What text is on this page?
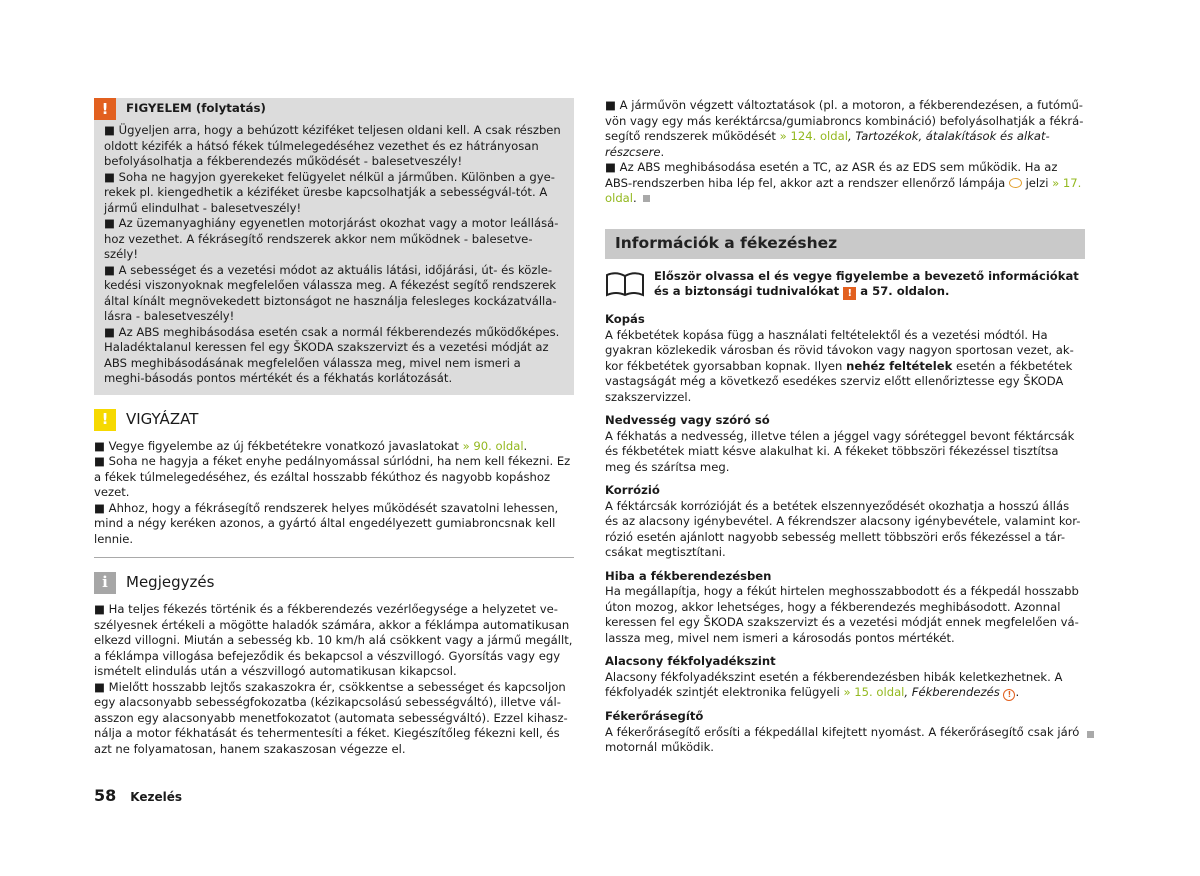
!	FIGYELEM (folytatás)

■ Ügyeljen arra, hogy a behúzott kéziféket teljesen oldani kell. A csak részben oldott kézifék a hátsó fékek túlmelegedéséhez vezethet és ez hátrányosan befolyásolhatja a fékberendezés működését - balesetveszély!

■ Soha ne hagyjon gyerekeket felügyelet nélkül a járműben. Különben a gye-rekek pl. kiengedhetik a kéziféket üresbe kapcsolhatják a sebességvál-tót. A jármű elindulhat - balesetveszély!

■ Az üzemanyaghiány egyenetlen motorjárást okozhat vagy a motor leállásá-hoz vezethet. A fékrásegítő rendszerek akkor nem működnek - balesetve-szély!

■ A sebességet és a vezetési módot az aktuális látási, időjárási, út- és közle-kedési viszonyoknak megfelelően válassza meg. A fékezést segítő rendszerek által kínált megnövekedett biztonságot ne használja felesleges kockázatválla-lásra - balesetveszély!

■ Az ABS meghibásodása esetén csak a normál fékberendezés működőképes. Haladéktalanul keressen fel egy ŠKODA szakszervizt és a vezetési módját az ABS meghibásodásának megfelelően válassza meg, mivel nem ismeri a meghi-básodás pontos mértékét és a fékhatás korlátozását.

!	VIGYÁZAT

■ Vegye figyelembe az új fékbetétekre vonatkozó javaslatokat » 90. oldal.

■ Soha ne hagyja a féket enyhe pedálnyomással súrlódni, ha nem kell fékezni. Ez a fékek túlmelegedéséhez, és ezáltal hosszabb fékúthoz és nagyobb kopáshoz vezet.

■ Ahhoz, hogy a fékrásegítő rendszerek helyes működését szavatolni lehessen, mind a négy keréken azonos, a gyártó által engedélyezett gumiabroncsnak kell lennie.

i	Megjegyzés

■ Ha teljes fékezés történik és a fékberendezés vezérlőegysége a helyzetet ve-szélyesnek értékeli a mögötte haladók számára, akkor a féklámpa automatikusan elkezd villogni. Miután a sebesség kb. 10 km/h alá csökkent vagy a jármű megállt, a féklámpa villogása befejeződik és bekapcsol a vészvillogó. Gyorsítás vagy egy ismételt elindulás után a vészvillogó automatikusan kikapcsol.

■ Mielőtt hosszabb lejtős szakaszokra ér, csökkentse a sebességet és kapcsoljon egy alacsonyabb sebességfokozatba (kézikapcsolású sebességváltó), illetve vál-asszon egy alacsonyabb menetfokozatot (automata sebességváltó). Ezzel kihasz-nálja a motor fékhatását és tehermentesíti a féket. Kiegészítőleg fékezni kell, és azt ne folyamatosan, hanem szakaszosan végezze el.

■ A járművön végzett változtatások (pl. a motoron, a fékberendezésen, a futómű-vön vagy egy más keréktárcsa/gumiabroncs kombináció) befolyásolhatják a fékrá-segítő rendszerek működését » 124. oldal, Tartozékok, átalakítások és alkat-részcsere.

■ Az ABS meghibásodása esetén a TC, az ASR és az EDS sem működik. Ha az ABS-rendszerben hiba lép fel, akkor azt a rendszer ellenőrző lámpája jelzi » 17. oldal.

Információk a fékezéshez

Először olvassa el és vegye figyelembe a bevezető információkat és a biztonsági tudnivalókat ! a 57. oldalon.

Kopás

A fékbetétek kopása függ a használati feltételektől és a vezetési módtól. Ha gyakran közlekedik városban és rövid távokon vagy nagyon sportosan vezet, ak-kor fékbetétek gyorsabban kopnak. Ilyen nehéz feltételek esetén a fékbetétek vastagságát még a következő esedékes szerviz előtt ellenőriztesse egy ŠKODA szakszervizzel.

Nedvesség vagy szóró só

A fékhatás a nedvesség, illetve télen a jéggel vagy sóréteggel bevont féktárcsák és fékbetétek miatt késve alakulhat ki. A fékeket többszöri fékezéssel tisztítsa meg és szárítsa meg.

Korrózió

A féktárcsák korrózióját és a betétek elszennyeződését okozhatja a hosszú állás és az alacsony igénybevétel. A fékrendszer alacsony igénybevétele, valamint kor-rózió esetén ajánlott nagyobb sebesség mellett többszöri erős fékezéssel a tár-csákat megtisztítani.

Hiba a fékberendezésben

Ha megállapítja, hogy a fékút hirtelen meghosszabbodott és a fékpedál hosszabb úton mozog, akkor lehetséges, hogy a fékberendezés meghibásodott. Azonnal keressen fel egy ŠKODA szakszervizt és a vezetési módját ennek megfelelően vá-lassza meg, mivel nem ismeri a károsodás pontos mértékét.

Alacsony fékfolyadékszint

Alacsony fékfolyadékszint esetén a fékberendezésben hibák keletkezhetnek. A fékfolyadék szintjét elektronika felügyeli » 15. oldal, Fékberendezés ! .

Fékerőrásegítő

A fékerőrásegítő erősíti a fékpedállal kifejtett nyomást. A fékerőrásegítő csak járó motornál működik.

58 Kezelés
